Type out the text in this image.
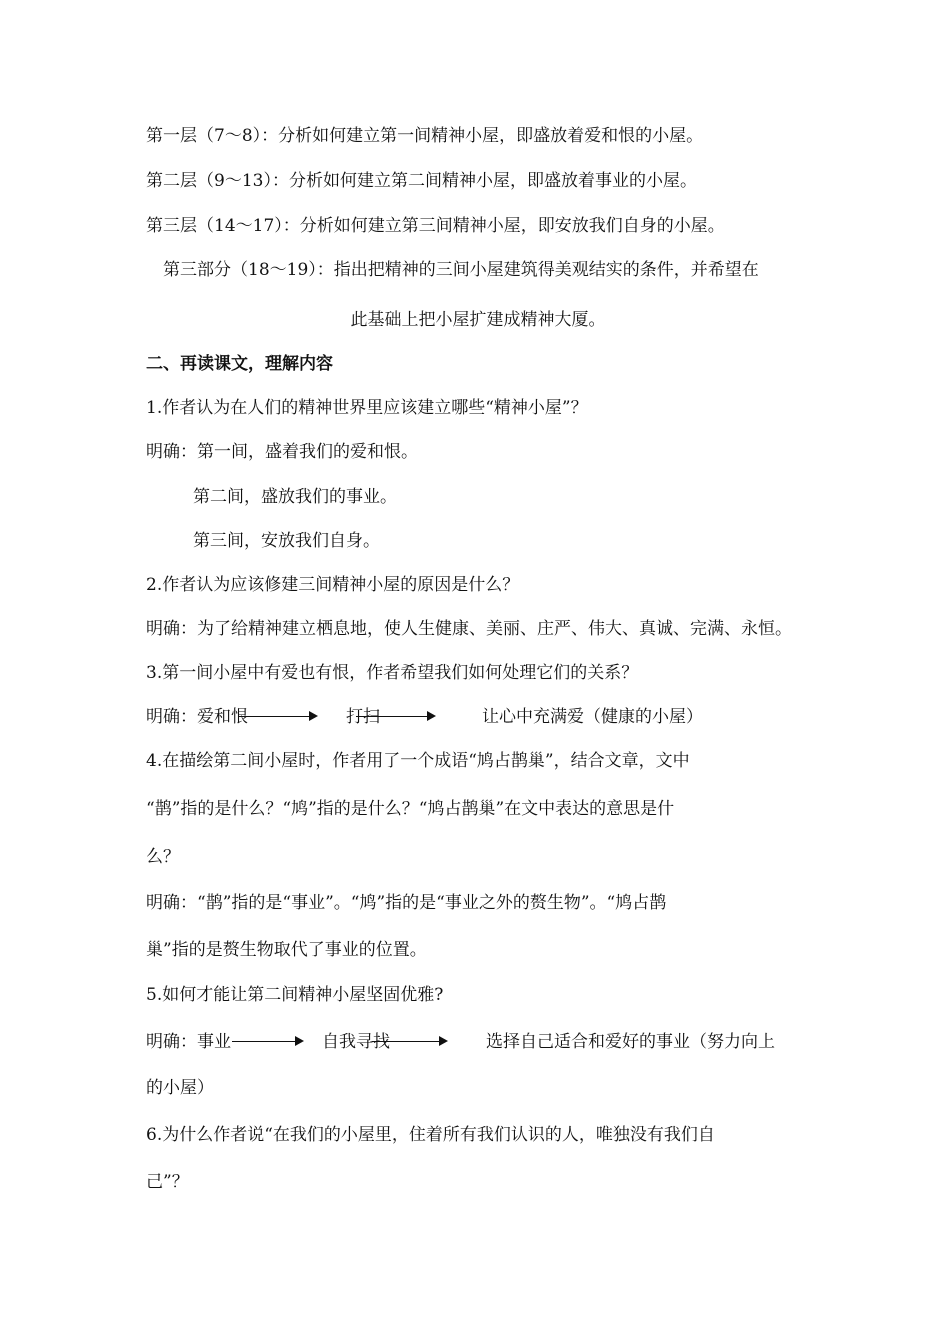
第一层（7～8）：分析如何建立第一间精神小屋，即盛放着爱和恨的小屋。
第二层（9～13）：分析如何建立第二间精神小屋，即盛放着事业的小屋。
第三层（14～17）：分析如何建立第三间精神小屋，即安放我们自身的小屋。
第三部分（18～19）：指出把精神的三间小屋建筑得美观结实的条件，并希望在
此基础上把小屋扩建成精神大厦。
二、再读课文，理解内容
1.作者认为在人们的精神世界里应该建立哪些“精神小屋”？
明确：第一间，盛着我们的爱和恨。
第二间，盛放我们的事业。
第三间，安放我们自身。
2.作者认为应该修建三间精神小屋的原因是什么？
明确：为了给精神建立栖息地，使人生健康、美丽、庄严、伟大、真诚、完满、永恒。
3.第一间小屋中有爱也有恨，作者希望我们如何处理它们的关系？
明确：爱和恨	打扫	让心中充满爱（健康的小屋）
4.在描绘第二间小屋时，作者用了一个成语“鸠占鹊巢”，结合文章，文中
“鹊”指的是什么？“鸠”指的是什么？“鸠占鹊巢”在文中表达的意思是什
么？
明确：“鹊”指的是“事业”。“鸠”指的是“事业之外的赘生物”。“鸠占鹊
巢”指的是赘生物取代了事业的位置。
5.如何才能让第二间精神小屋坚固优雅?
明确：事业	自我寻找	选择自己适合和爱好的事业（努力向上
的小屋）
6.为什么作者说“在我们的小屋里，住着所有我们认识的人，唯独没有我们自
己”？
